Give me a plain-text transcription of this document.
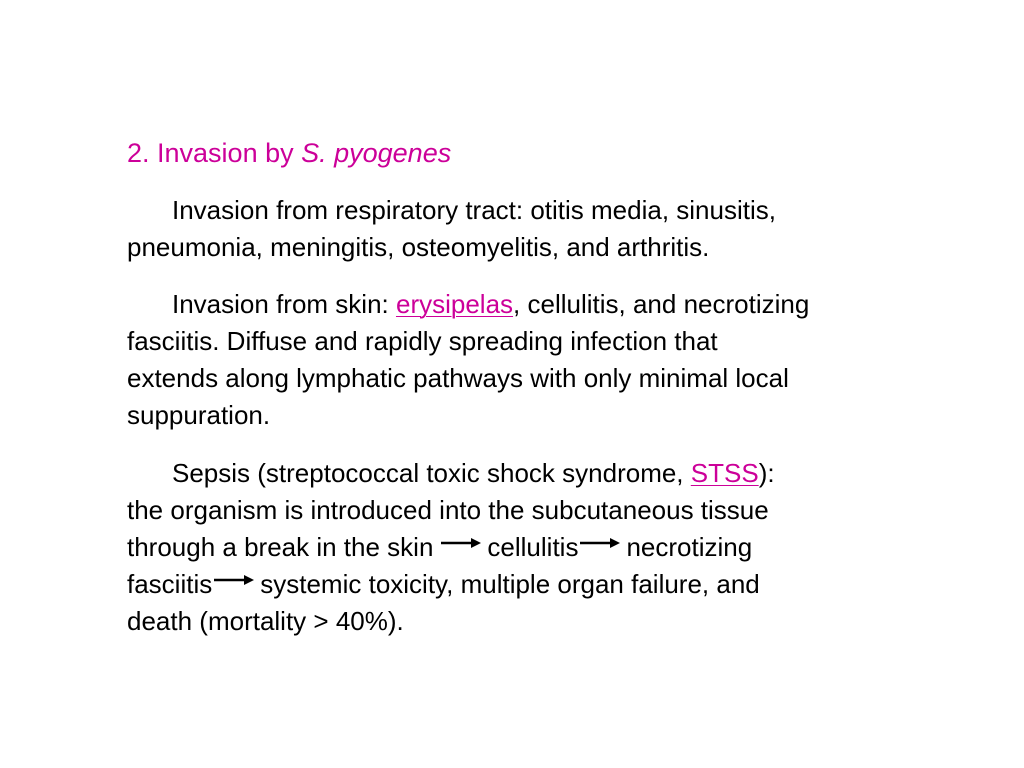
2. Invasion by S. pyogenes
Invasion from respiratory tract: otitis media, sinusitis,
pneumonia, meningitis, osteomyelitis, and arthritis.
Invasion from skin: erysipelas, cellulitis, and necrotizing
fasciitis. Diffuse and rapidly spreading infection that
extends along lymphatic pathways with only minimal local
suppuration.
Sepsis (streptococcal toxic shock syndrome, STSS):
the organism is introduced into the subcutaneous tissue
through a break in the skin cellulitis necrotizing
fasciitis systemic toxicity, multiple organ failure, and
death (mortality > 40%).
